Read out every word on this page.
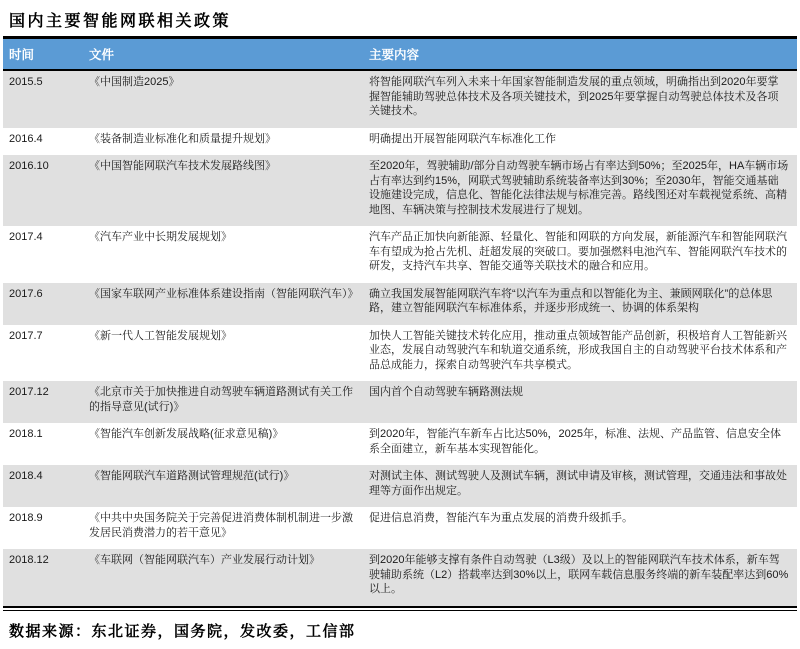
国内主要智能网联相关政策
时间	文件	主要内容
2015.5	《中国制造2025》	将智能网联汽车列入未来十年国家智能制造发展的重点领域，明确指出到2020年要掌握智能辅助驾驶总体技术及各项关键技术，到2025年要掌握自动驾驶总体技术及各项关键技术。
2016.4	《装备制造业标准化和质量提升规划》	明确提出开展智能网联汽车标准化工作
2016.10	《中国智能网联汽车技术发展路线图》	至2020年，驾驶辅助/部分自动驾驶车辆市场占有率达到50%；至2025年，HA车辆市场占有率达到约15%，网联式驾驶辅助系统装备率达到30%；至2030年，智能交通基础设施建设完成，信息化、智能化法律法规与标准完善。路线图还对车载视觉系统、高精地图、车辆决策与控制技术发展进行了规划。
2017.4	《汽车产业中长期发展规划》	汽车产品正加快向新能源、轻量化、智能和网联的方向发展，新能源汽车和智能网联汽车有望成为抢占先机、赶超发展的突破口。要加强燃料电池汽车、智能网联汽车技术的研发，支持汽车共享、智能交通等关联技术的融合和应用。
2017.6	《国家车联网产业标准体系建设指南（智能网联汽车）》	确立我国发展智能网联汽车将“以汽车为重点和以智能化为主、兼顾网联化”的总体思路，建立智能网联汽车标准体系，并逐步形成统一、协调的体系架构
2017.7	《新一代人工智能发展规划》	加快人工智能关键技术转化应用，推动重点领域智能产品创新，积极培育人工智能新兴业态，发展自动驾驶汽车和轨道交通系统，形成我国自主的自动驾驶平台技术体系和产品总成能力，探索自动驾驶汽车共享模式。
2017.12	《北京市关于加快推进自动驾驶车辆道路测试有关工作的指导意见(试行)》	国内首个自动驾驶车辆路测法规
2018.1	《智能汽车创新发展战略(征求意见稿)》	到2020年，智能汽车新车占比达50%，2025年，标准、法规、产品监管、信息安全体系全面建立，新车基本实现智能化。
2018.4	《智能网联汽车道路测试管理规范(试行)》	对测试主体、测试驾驶人及测试车辆，测试申请及审核，测试管理，交通违法和事故处理等方面作出规定。
2018.9	《中共中央国务院关于完善促进消费体制机制进一步激发居民消费潜力的若干意见》	促进信息消费，智能汽车为重点发展的消费升级抓手。
2018.12	《车联网（智能网联汽车）产业发展行动计划》	到2020年能够支撑有条件自动驾驶（L3级）及以上的智能网联汽车技术体系，新车驾驶辅助系统（L2）搭载率达到30%以上，联网车载信息服务终端的新车装配率达到60%以上。
数据来源：东北证券，国务院，发改委，工信部
